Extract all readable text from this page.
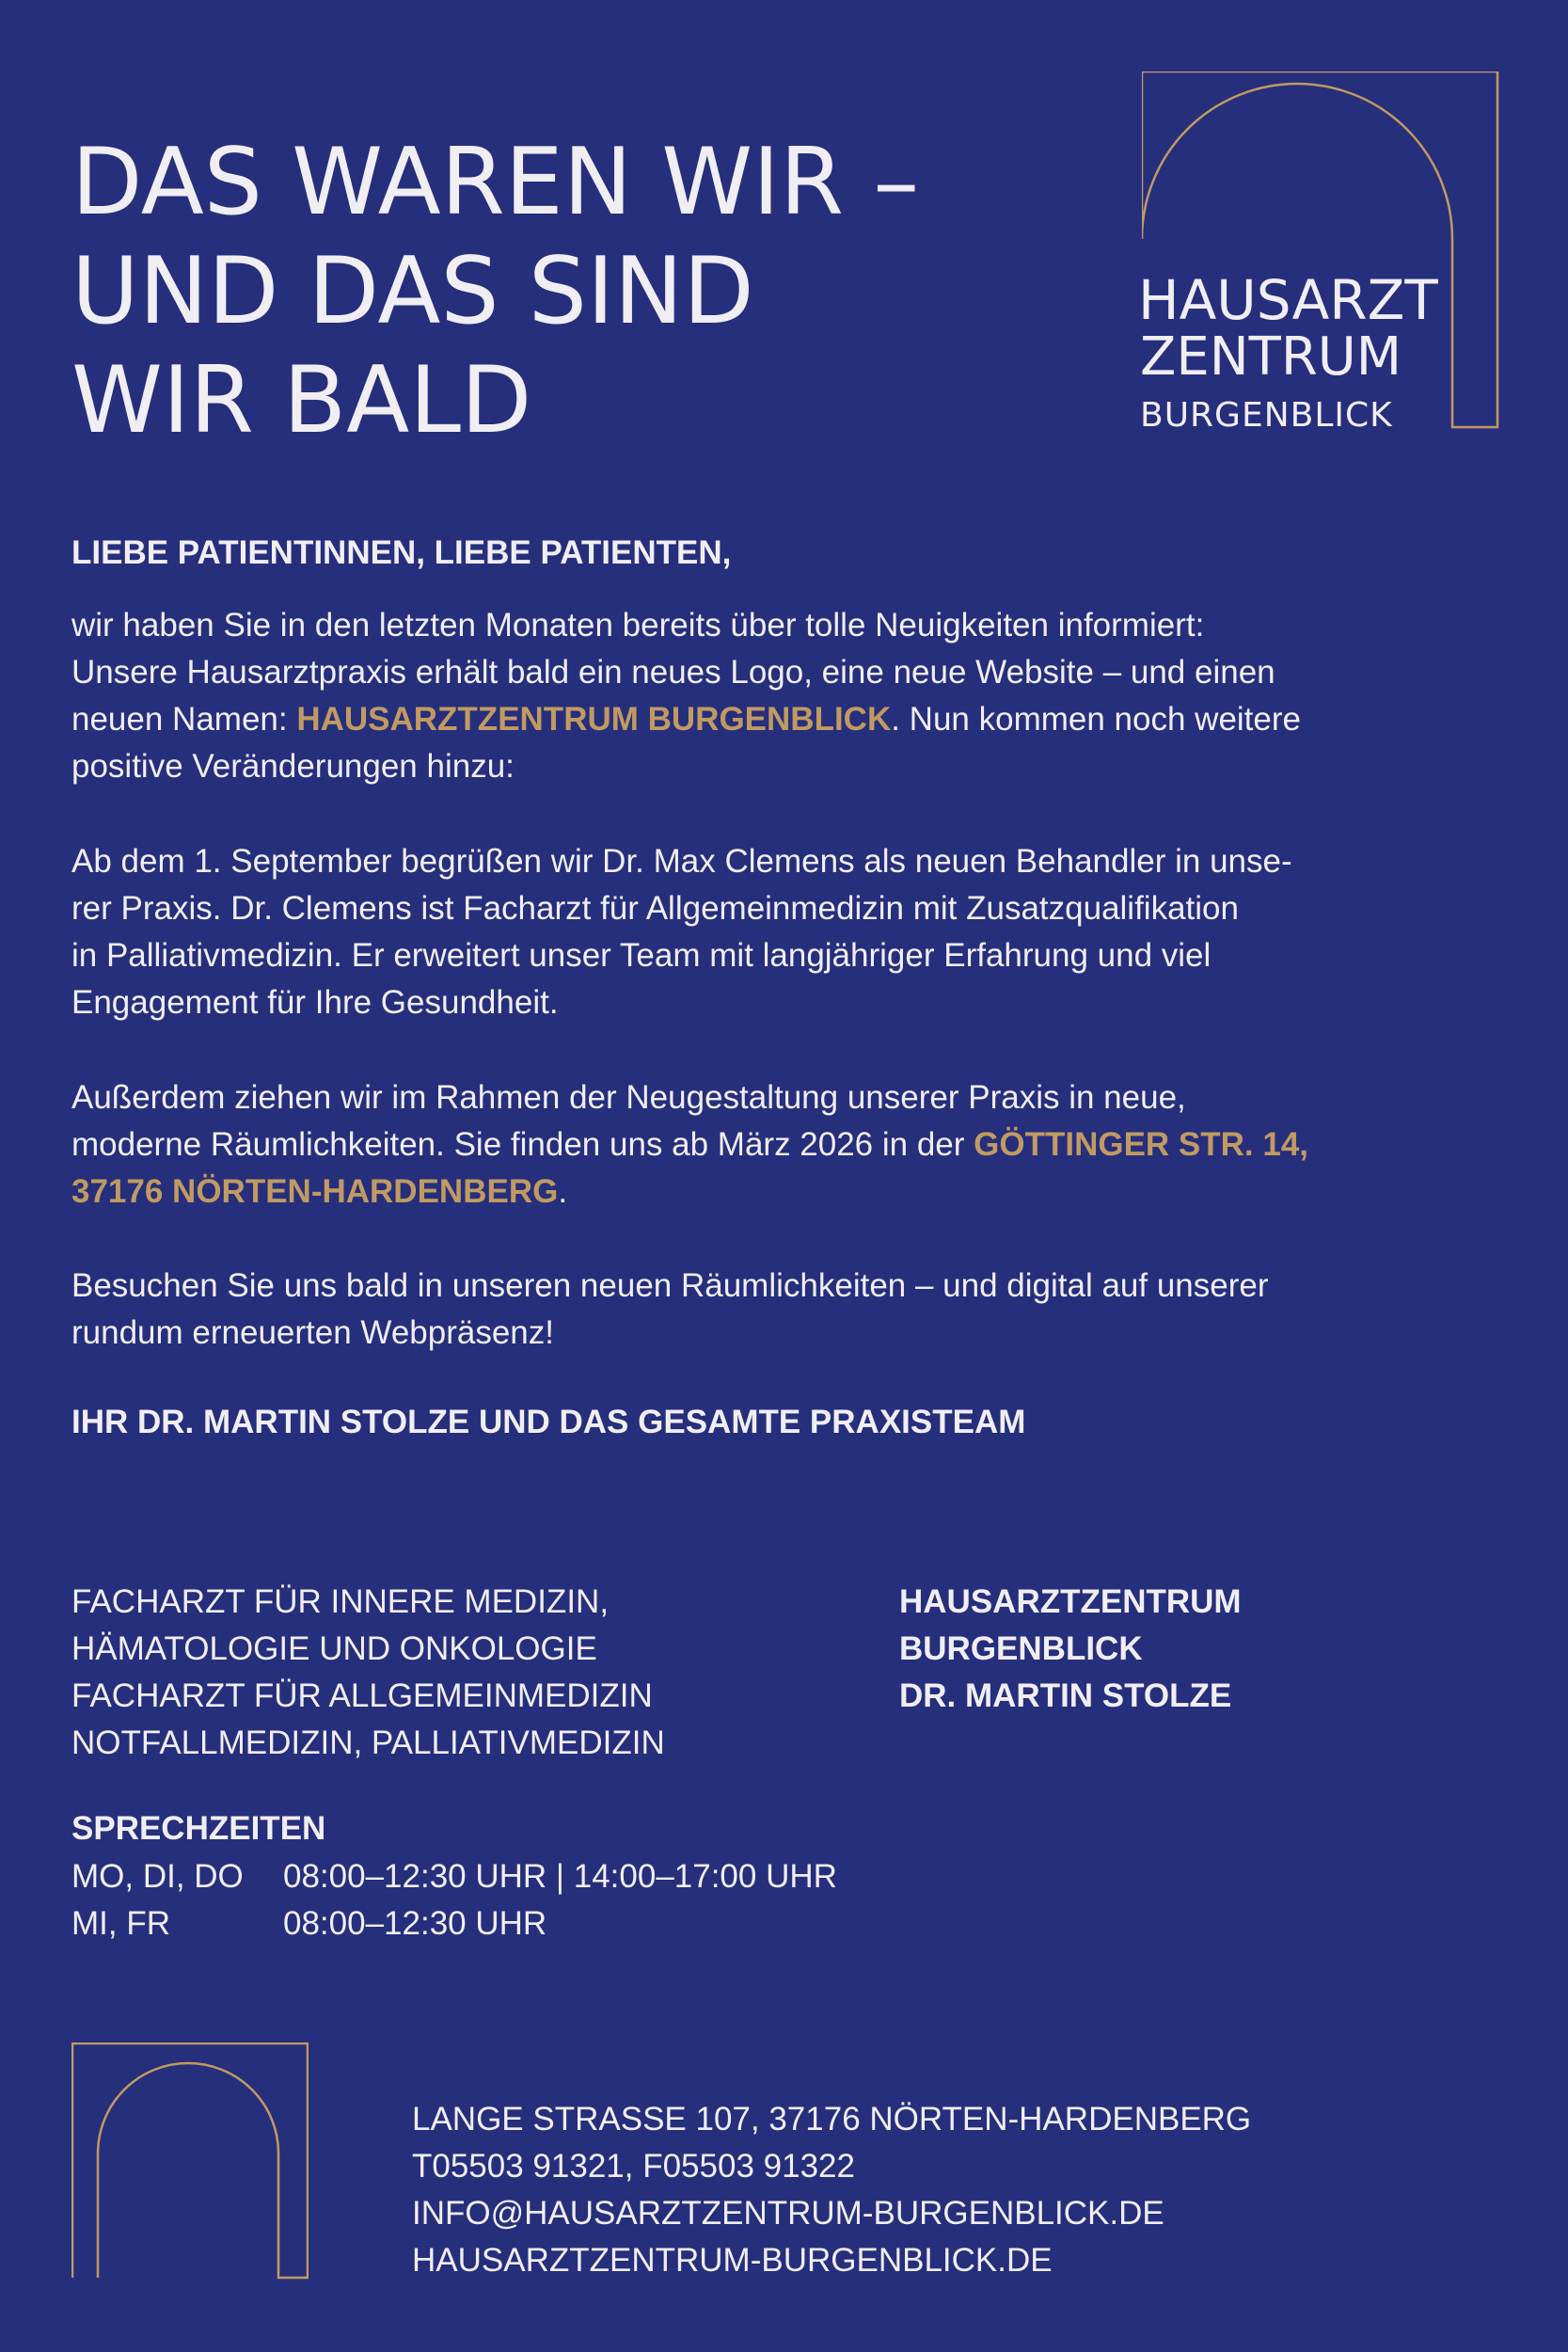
DAS WAREN WIR –
UND DAS SIND
WIR BALD
HAUSARZT
ZENTRUM
BURGENBLICK
LIEBE PATIENTINNEN, LIEBE PATIENTEN,
wir haben Sie in den letzten Monaten bereits über tolle Neuigkeiten informiert:
Unsere Hausarztpraxis erhält bald ein neues Logo, eine neue Website – und einen
neuen Namen: HAUSARZTZENTRUM BURGENBLICK. Nun kommen noch weitere
positive Veränderungen hinzu:
Ab dem 1. September begrüßen wir Dr. Max Clemens als neuen Behandler in unse-
rer Praxis. Dr. Clemens ist Facharzt für Allgemeinmedizin mit Zusatzqualifikation
in Palliativmedizin. Er erweitert unser Team mit langjähriger Erfahrung und viel
Engagement für Ihre Gesundheit.
Außerdem ziehen wir im Rahmen der Neugestaltung unserer Praxis in neue,
moderne Räumlichkeiten. Sie finden uns ab März 2026 in der GÖTTINGER STR. 14,
37176 NÖRTEN-HARDENBERG.
Besuchen Sie uns bald in unseren neuen Räumlichkeiten – und digital auf unserer
rundum erneuerten Webpräsenz!
IHR DR. MARTIN STOLZE UND DAS GESAMTE PRAXISTEAM
FACHARZT FÜR INNERE MEDIZIN,
HÄMATOLOGIE UND ONKOLOGIE
FACHARZT FÜR ALLGEMEINMEDIZIN
NOTFALLMEDIZIN, PALLIATIVMEDIZIN
HAUSARZTZENTRUM
BURGENBLICK
DR. MARTIN STOLZE
SPRECHZEITEN
MO, DI, DO 08:00–12:30 UHR | 14:00–17:00 UHR
MI, FR	08:00–12:30 UHR
LANGE STRASSE 107, 37176 NÖRTEN-HARDENBERG
T05503 91321, F05503 91322
INFO@HAUSARZTZENTRUM-BURGENBLICK.DE
HAUSARZTZENTRUM-BURGENBLICK.DE
